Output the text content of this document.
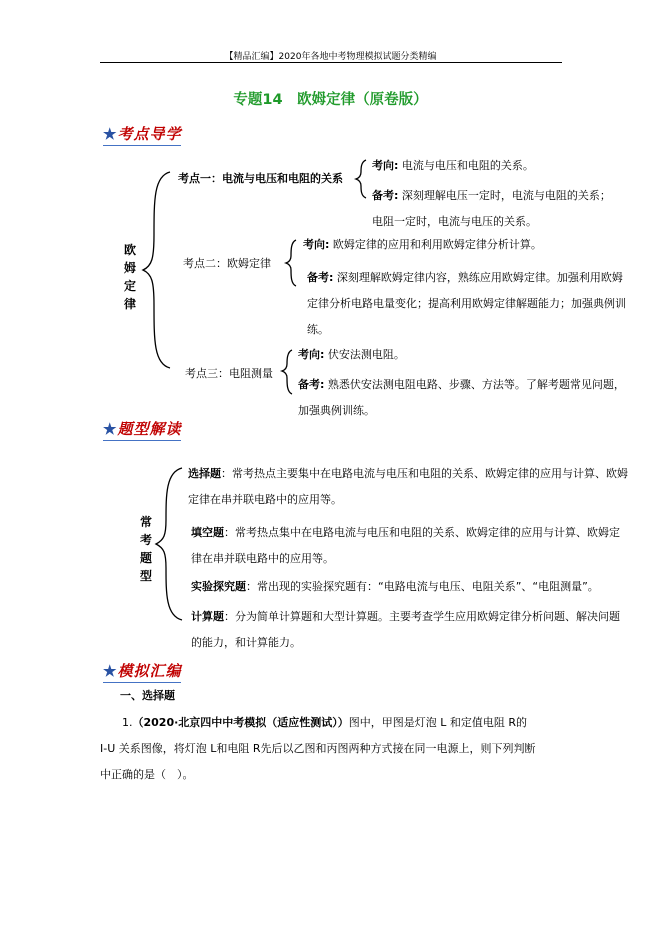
【精品汇编】2020年各地中考物理模拟试题分类精编
专题14　欧姆定律（原卷版）
★考点导学
欧
姆
定
律
考点一：电流与电压和电阻的关系
考向: 电流与电压和电阻的关系。
备考: 深刻理解电压一定时，电流与电阻的关系；
电阻一定时，电流与电压的关系。
考点二：欧姆定律
考向: 欧姆定律的应用和利用欧姆定律分析计算。
备考: 深刻理解欧姆定律内容，熟练应用欧姆定律。加强利用欧姆
定律分析电路电量变化；提高利用欧姆定律解题能力；加强典例训
练。
考点三：电阻测量
考向: 伏安法测电阻。
备考: 熟悉伏安法测电阻电路、步骤、方法等。了解考题常见问题，
加强典例训练。
★题型解读
常
考
题
型
选择题：常考热点主要集中在电路电流与电压和电阻的关系、欧姆定律的应用与计算、欧姆
定律在串并联电路中的应用等。
填空题：常考热点集中在电路电流与电压和电阻的关系、欧姆定律的应用与计算、欧姆定
律在串并联电路中的应用等。
实验探究题：常出现的实验探究题有：“电路电流与电压、电阻关系”、“电阻测量”。
计算题：分为简单计算题和大型计算题。主要考查学生应用欧姆定律分析问题、解决问题
的能力，和计算能力。
★模拟汇编
一、选择题
1.（2020·北京四中中考模拟（适应性测试））图中，甲图是灯泡 L 和定值电阻 R的
I-U 关系图像，将灯泡 L和电阻 R先后以乙图和丙图两种方式接在同一电源上，则下列判断
中正确的是（　）。
